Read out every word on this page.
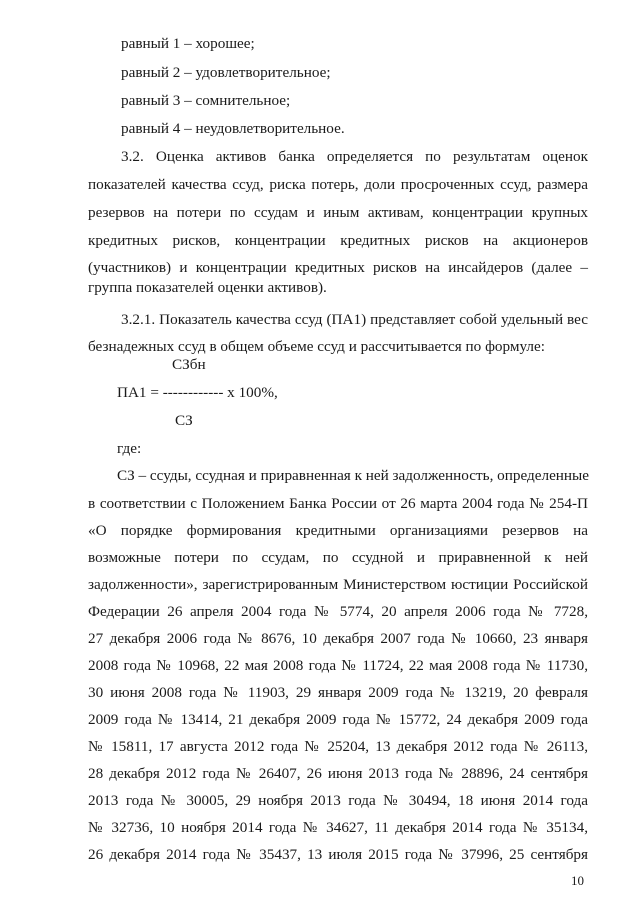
равный 1 – хорошее;
равный 2 – удовлетворительное;
равный 3 – сомнительное;
равный 4 – неудовлетворительное.
3.2. Оценка активов банка определяется по результатам оценок
показателей качества ссуд, риска потерь, доли просроченных ссуд, размера
резервов на потери по ссудам и иным активам, концентрации крупных
кредитных рисков, концентрации кредитных рисков на акционеров
(участников) и концентрации кредитных рисков на инсайдеров (далее –
группа показателей оценки активов).
3.2.1. Показатель качества ссуд (ПА1) представляет собой удельный вес
безнадежных ссуд в общем объеме ссуд и рассчитывается по формуле:
СЗбн
ПА1 = ------------ х 100%,
СЗ
где:
СЗ – ссуды, ссудная и приравненная к ней задолженность, определенные
в соответствии с Положением Банка России от 26 марта 2004 года № 254-П
«О порядке формирования кредитными организациями резервов на
возможные потери по ссудам, по ссудной и приравненной к ней
задолженности», зарегистрированным Министерством юстиции Российской
Федерации 26 апреля 2004 года № 5774, 20 апреля 2006 года № 7728,
27 декабря 2006 года № 8676, 10 декабря 2007 года № 10660, 23 января
2008 года № 10968, 22 мая 2008 года № 11724, 22 мая 2008 года № 11730,
30 июня 2008 года № 11903, 29 января 2009 года № 13219, 20 февраля
2009 года № 13414, 21 декабря 2009 года № 15772, 24 декабря 2009 года
№ 15811, 17 августа 2012 года № 25204, 13 декабря 2012 года № 26113,
28 декабря 2012 года № 26407, 26 июня 2013 года № 28896, 24 сентября
2013 года № 30005, 29 ноября 2013 года № 30494, 18 июня 2014 года
№ 32736, 10 ноября 2014 года № 34627, 11 декабря 2014 года № 35134,
26 декабря 2014 года № 35437, 13 июля 2015 года № 37996, 25 сентября
10
